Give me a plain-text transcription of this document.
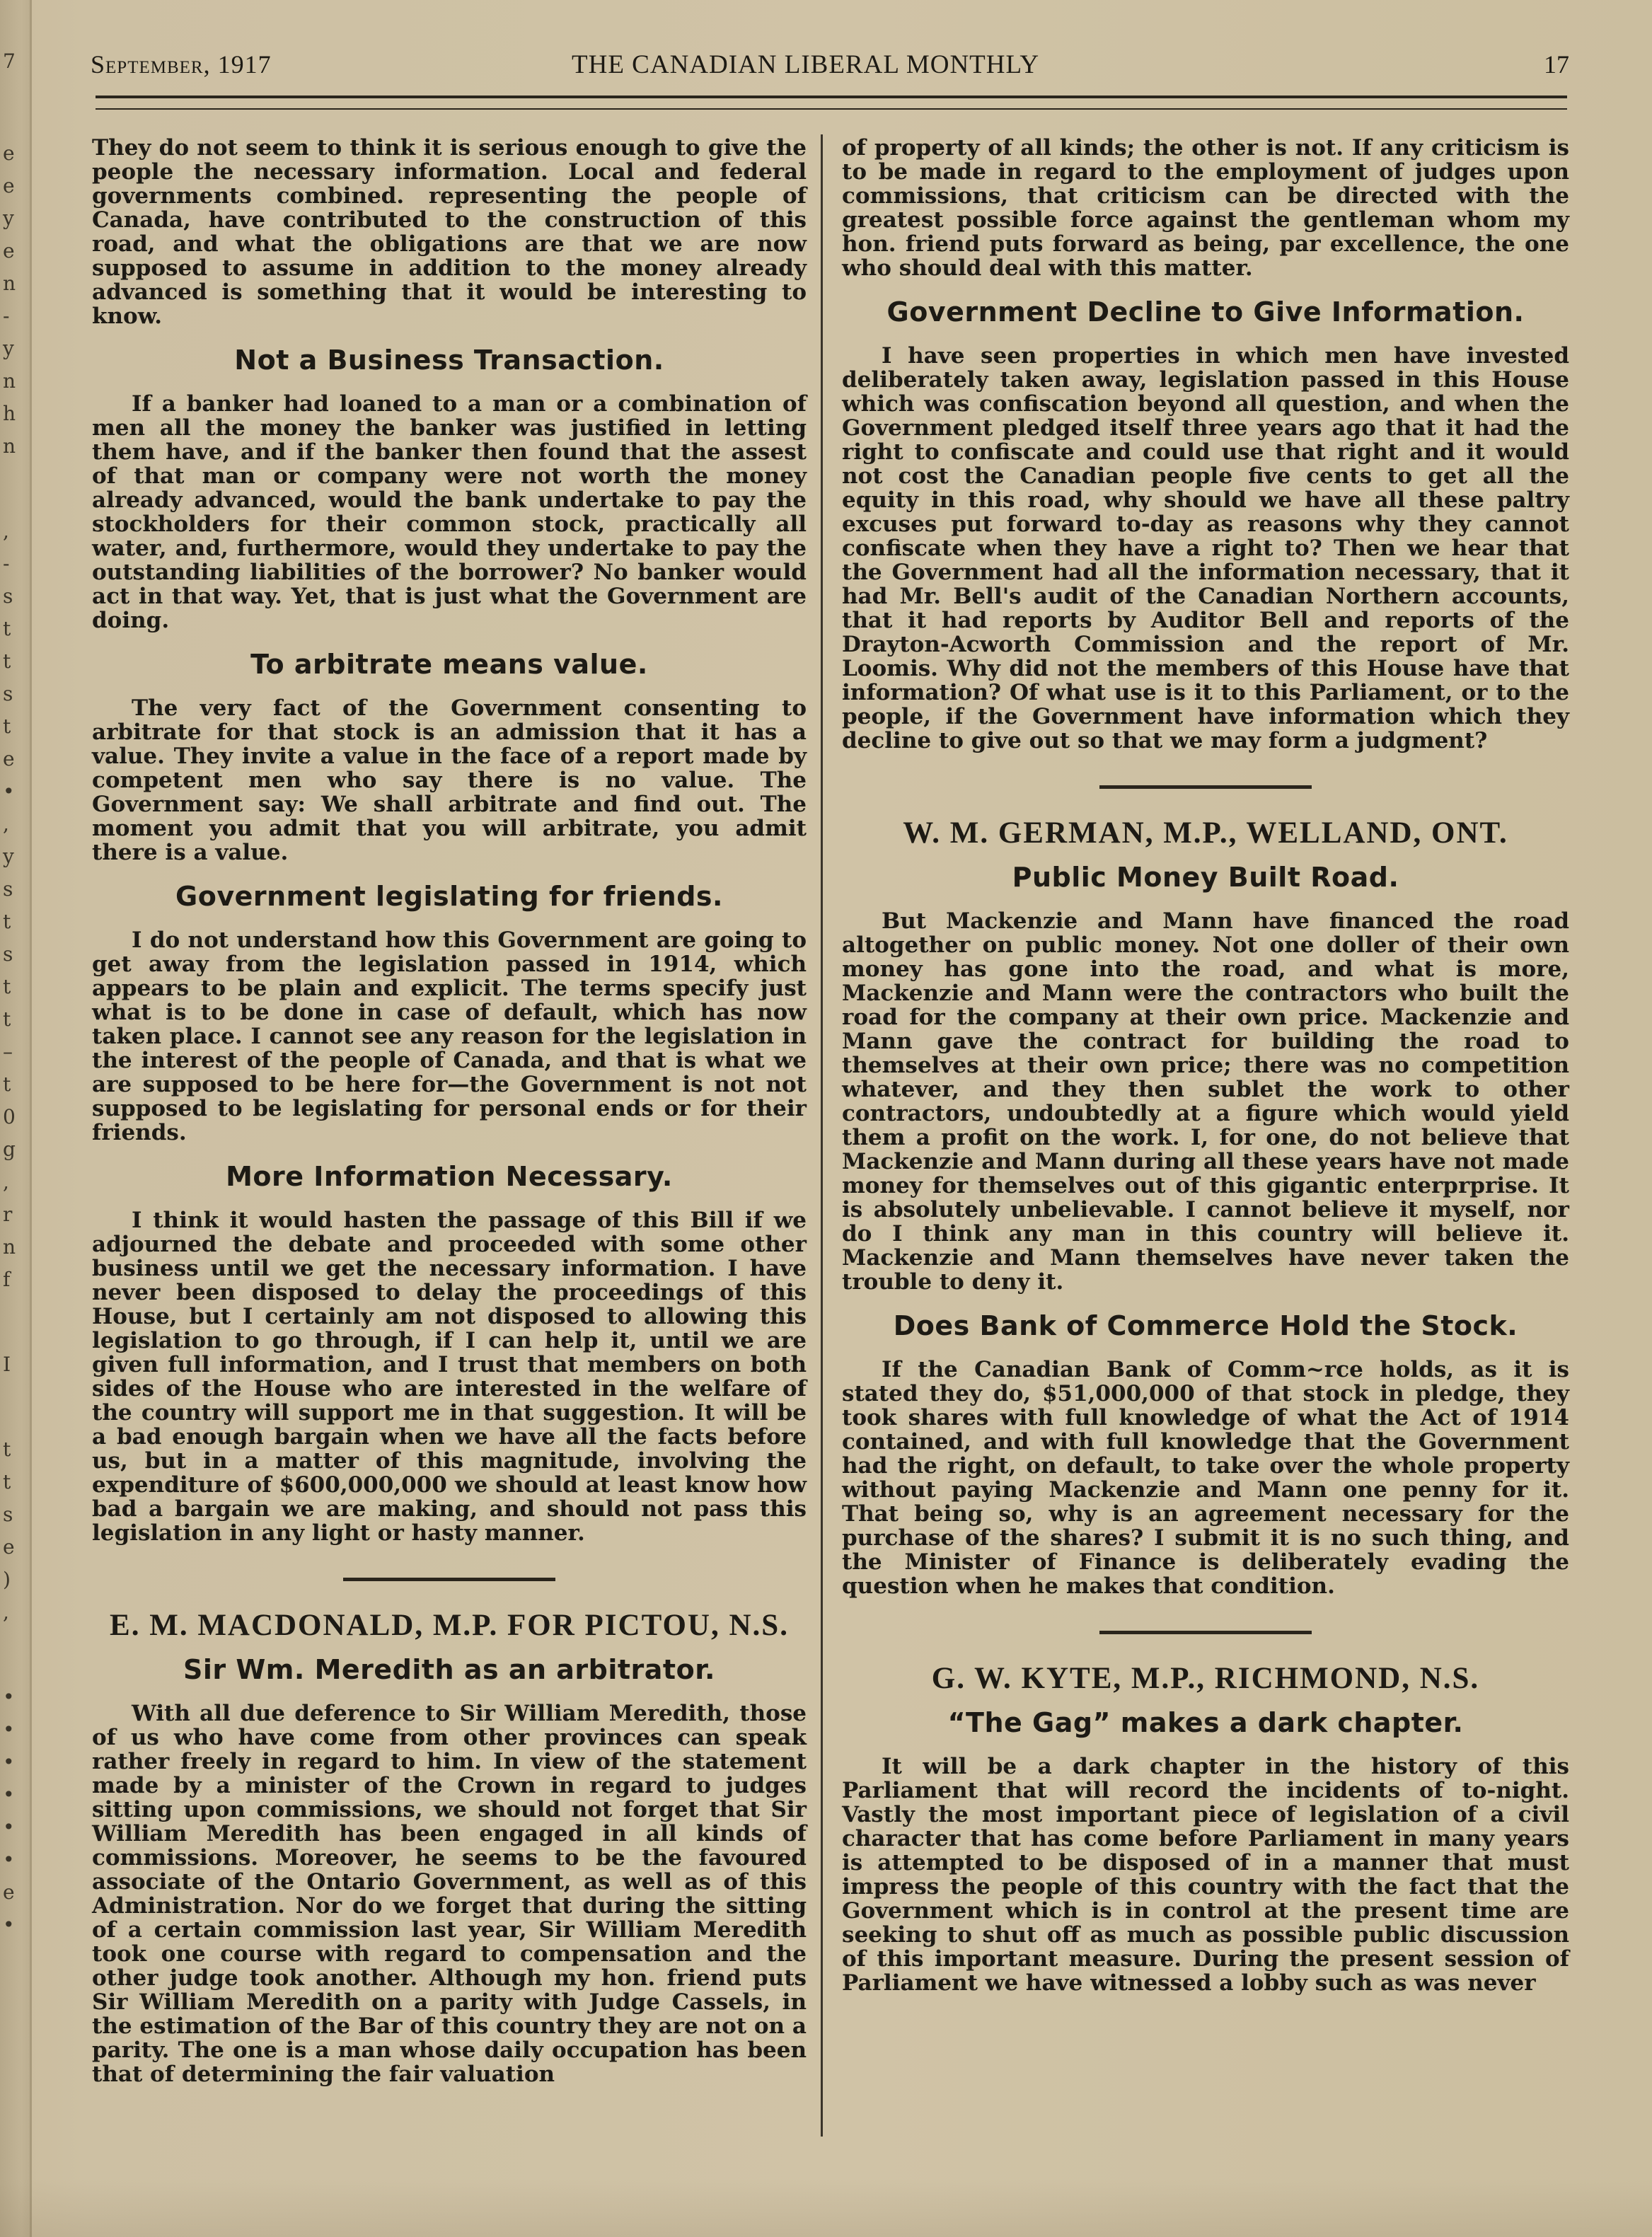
7
e
e
y
e
n
-
y
n
h
n
,
-
s
t
t
s
t
e
•
,
y
s
t
s
t
t
–
t
0
g
,
r
n
f
I
t
t
s
e
)
,
•
•
•
•
•
•
e
•
September, 1917	THE CANADIAN LIBERAL MONTHLY	17

They do not seem to think it is serious enough to give the people the necessary information. Local and federal governments combined. representing the people of Canada, have contributed to the construction of this road, and what the obligations are that we are now supposed to assume in addition to the money already advanced is something that it would be interesting to know.

Not a Business Transaction.

If a banker had loaned to a man or a combination of men all the money the banker was justified in letting them have, and if the banker then found that the assest of that man or company were not worth the money already advanced, would the bank undertake to pay the stockholders for their common stock, practically all water, and, furthermore, would they undertake to pay the outstanding liabilities of the borrower? No banker would act in that way. Yet, that is just what the Government are doing.

To arbitrate means value.

The very fact of the Government consenting to arbitrate for that stock is an admission that it has a value. They invite a value in the face of a report made by competent men who say there is no value. The Government say: We shall arbitrate and find out. The moment you admit that you will arbitrate, you admit there is a value.

Government legislating for friends.

I do not understand how this Government are going to get away from the legislation passed in 1914, which appears to be plain and explicit. The terms specify just what is to be done in case of default, which has now taken place. I cannot see any reason for the legislation in the interest of the people of Canada, and that is what we are supposed to be here for—the Government is not not supposed to be legislating for personal ends or for their friends.

More Information Necessary.

I think it would hasten the passage of this Bill if we adjourned the debate and proceeded with some other business until we get the necessary information. I have never been disposed to delay the proceedings of this House, but I certainly am not disposed to allowing this legislation to go through, if I can help it, until we are given full information, and I trust that members on both sides of the House who are interested in the welfare of the country will support me in that suggestion. It will be a bad enough bargain when we have all the facts before us, but in a matter of this magnitude, involving the expenditure of $600,000,000 we should at least know how bad a bargain we are making, and should not pass this legislation in any light or hasty manner.

E. M. MACDONALD, M.P. FOR PICTOU, N.S.
Sir Wm. Meredith as an arbitrator.

With all due deference to Sir William Meredith, those of us who have come from other provinces can speak rather freely in regard to him. In view of the statement made by a minister of the Crown in regard to judges sitting upon commissions, we should not forget that Sir William Meredith has been engaged in all kinds of commissions. Moreover, he seems to be the favoured associate of the Ontario Government, as well as of this Administration. Nor do we forget that during the sitting of a certain commission last year, Sir William Meredith took one course with regard to compensation and the other judge took another. Although my hon. friend puts Sir William Meredith on a parity with Judge Cassels, in the estimation of the Bar of this country they are not on a parity. The one is a man whose daily occupation has been that of determining the fair valuation

of property of all kinds; the other is not. If any criticism is to be made in regard to the employment of judges upon commissions, that criticism can be directed with the greatest possible force against the gentleman whom my hon. friend puts forward as being, par excellence, the one who should deal with this matter.

Government Decline to Give Information.

I have seen properties in which men have invested deliberately taken away, legislation passed in this House which was confiscation beyond all question, and when the Government pledged itself three years ago that it had the right to confiscate and could use that right and it would not cost the Canadian people five cents to get all the equity in this road, why should we have all these paltry excuses put forward to-day as reasons why they cannot confiscate when they have a right to? Then we hear that the Government had all the information necessary, that it had Mr. Bell's audit of the Canadian Northern accounts, that it had reports by Auditor Bell and reports of the Drayton-Acworth Commission and the report of Mr. Loomis. Why did not the members of this House have that information? Of what use is it to this Parliament, or to the people, if the Government have information which they decline to give out so that we may form a judgment?

W. M. GERMAN, M.P., WELLAND, ONT.
Public Money Built Road.

But Mackenzie and Mann have financed the road altogether on public money. Not one doller of their own money has gone into the road, and what is more, Mackenzie and Mann were the contractors who built the road for the company at their own price. Mackenzie and Mann gave the contract for building the road to themselves at their own price; there was no competition whatever, and they then sublet the work to other contractors, undoubtedly at a figure which would yield them a profit on the work. I, for one, do not believe that Mackenzie and Mann during all these years have not made money for themselves out of this gigantic enterprprise. It is absolutely unbelievable. I cannot believe it myself, nor do I think any man in this country will believe it. Mackenzie and Mann themselves have never taken the trouble to deny it.

Does Bank of Commerce Hold the Stock.

If the Canadian Bank of Comm~rce holds, as it is stated they do, $51,000,000 of that stock in pledge, they took shares with full knowledge of what the Act of 1914 contained, and with full knowledge that the Government had the right, on default, to take over the whole property without paying Mackenzie and Mann one penny for it. That being so, why is an agreement necessary for the purchase of the shares? I submit it is no such thing, and the Minister of Finance is deliberately evading the question when he makes that condition.

G. W. KYTE, M.P., RICHMOND, N.S.
“The Gag” makes a dark chapter.

It will be a dark chapter in the history of this Parliament that will record the incidents of to-night. Vastly the most important piece of legislation of a civil character that has come before Parliament in many years is attempted to be disposed of in a manner that must impress the people of this country with the fact that the Government which is in control at the present time are seeking to shut off as much as possible public discussion of this important measure. During the present session of Parliament we have witnessed a lobby such as was never
